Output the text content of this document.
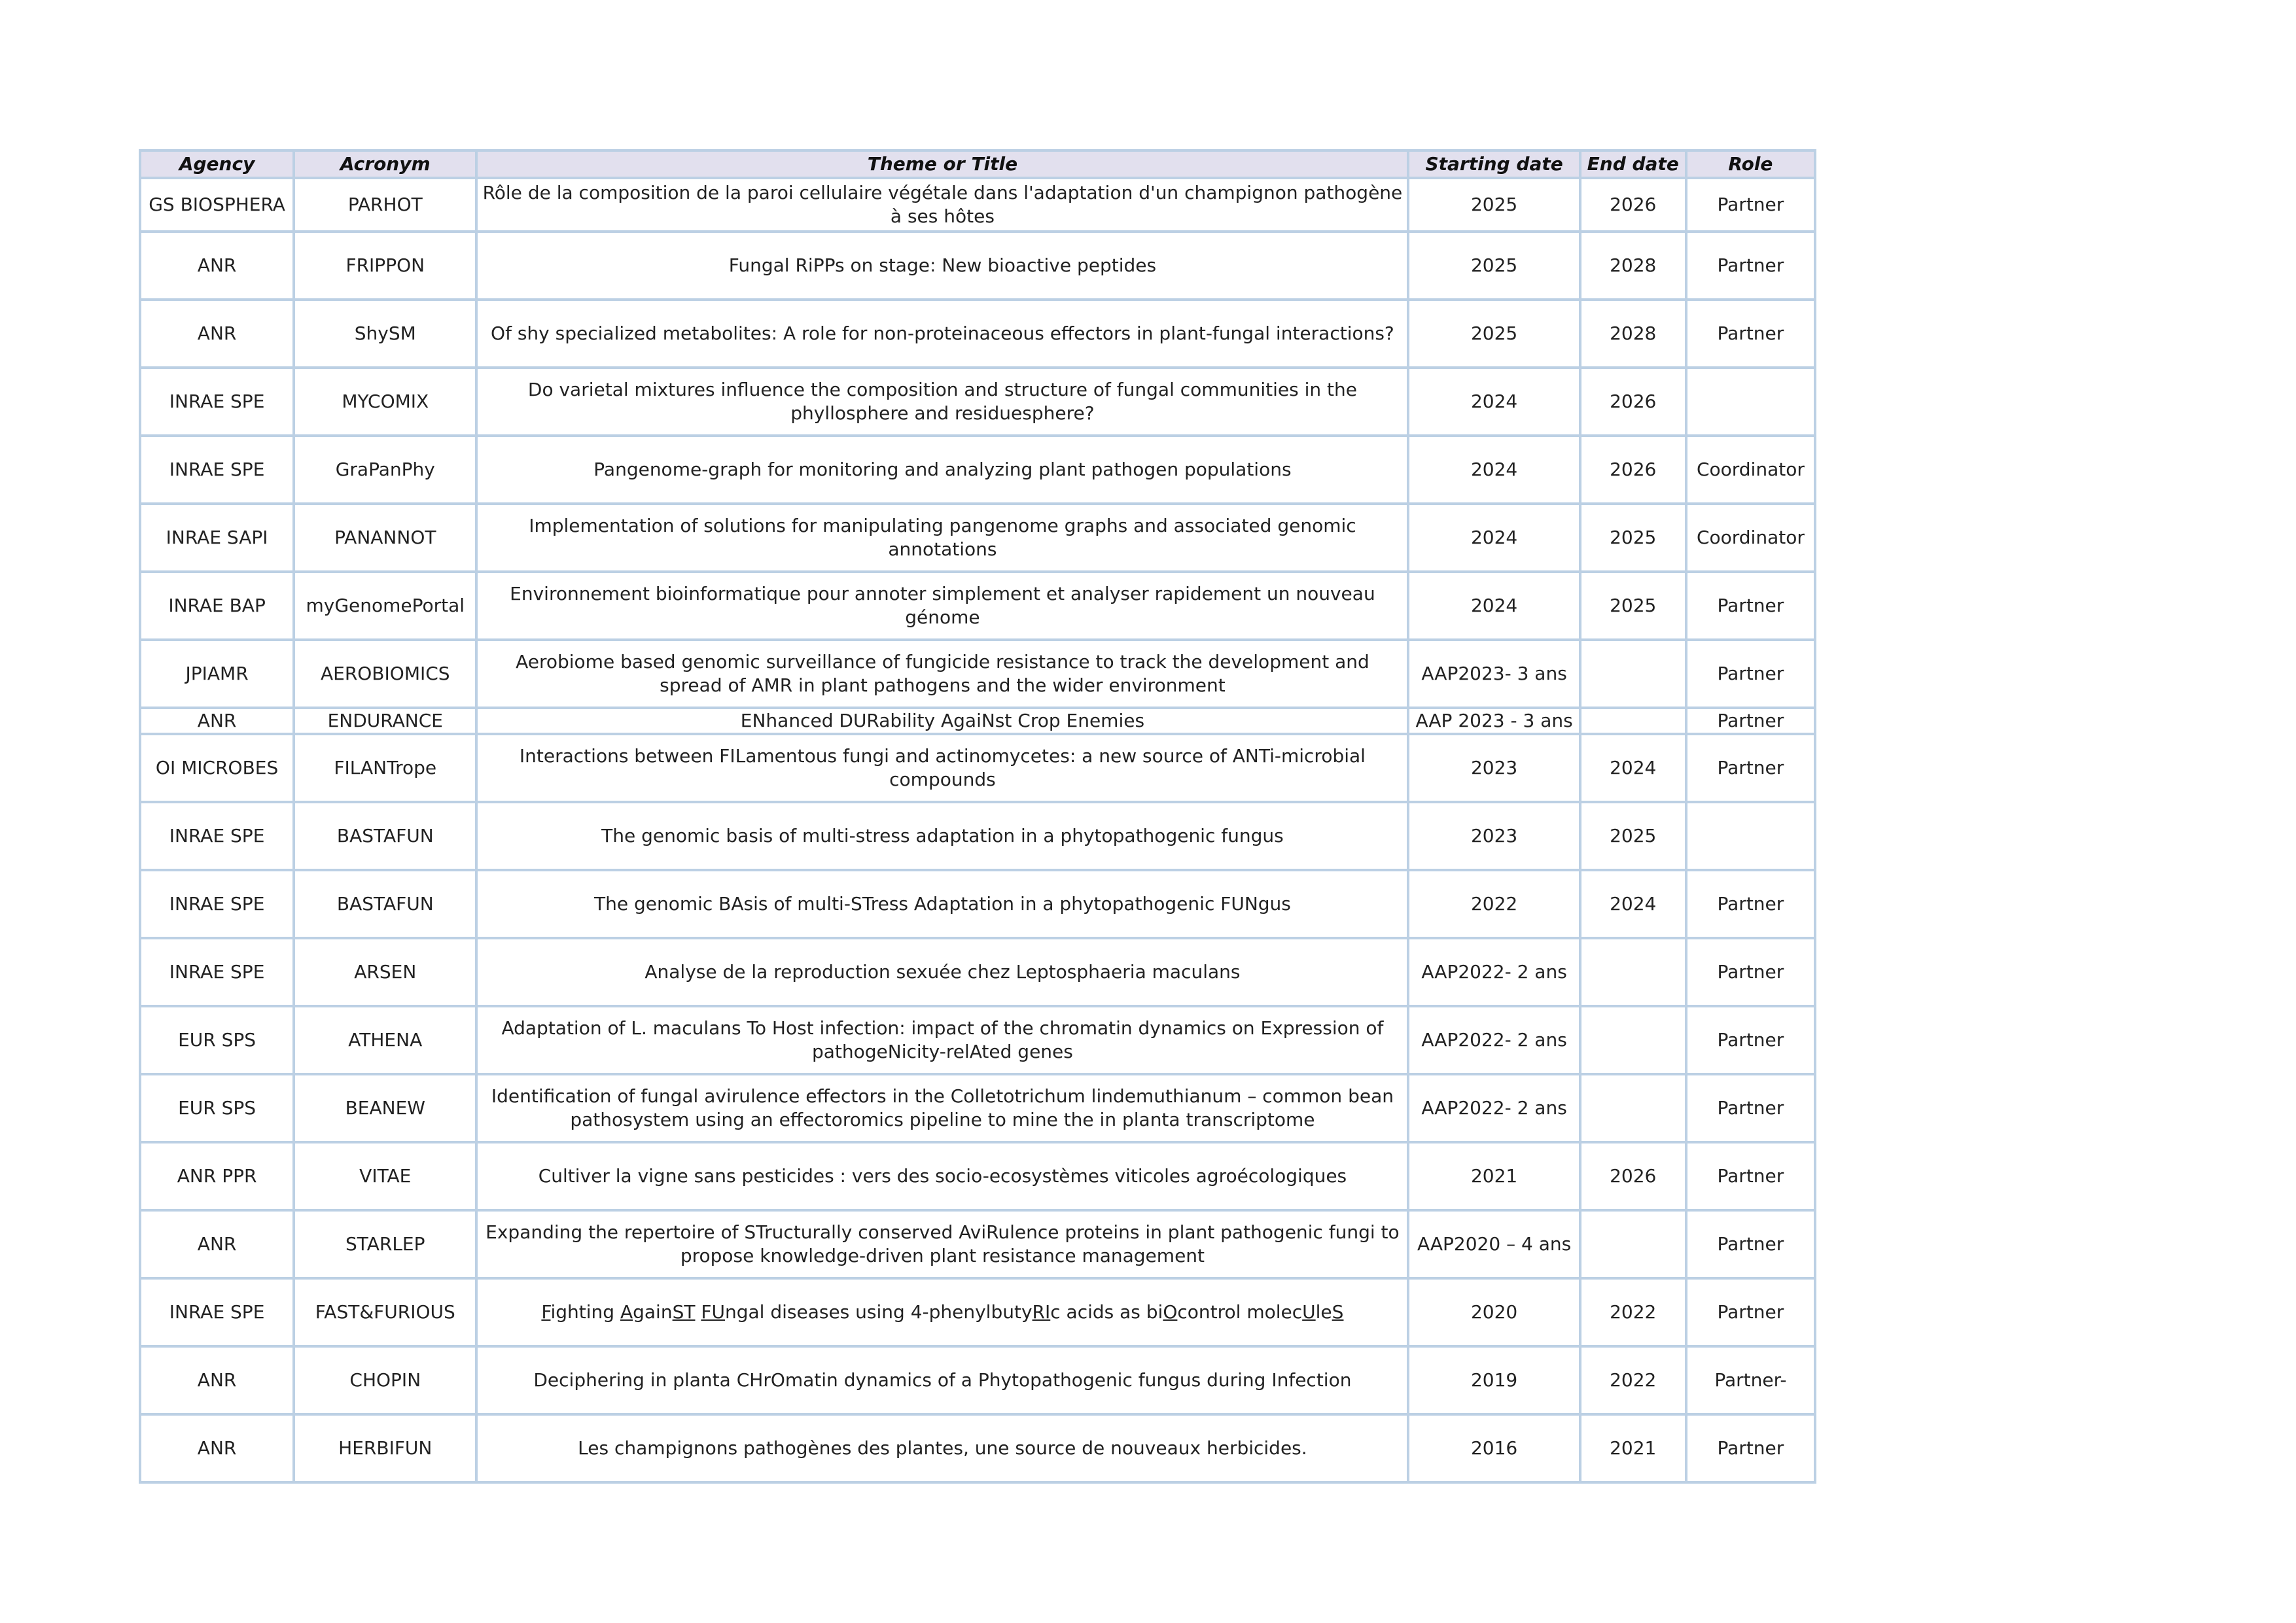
Agency	Acronym	Theme or Title	Starting date	End date	Role
GS BIOSPHERA	PARHOT	Rôle de la composition de la paroi cellulaire végétale dans l'adaptation d'un champignon pathogène à ses hôtes	2025	2026	Partner
ANR	FRIPPON	Fungal RiPPs on stage: New bioactive peptides	2025	2028	Partner
ANR	ShySM	Of shy specialized metabolites: A role for non-proteinaceous effectors in plant-fungal interactions?	2025	2028	Partner
INRAE SPE	MYCOMIX	Do varietal mixtures influence the composition and structure of fungal communities in the phyllosphere and residuesphere?	2024	2026	
INRAE SPE	GraPanPhy	Pangenome-graph for monitoring and analyzing plant pathogen populations	2024	2026	Coordinator
INRAE SAPI	PANANNOT	Implementation of solutions for manipulating pangenome graphs and associated genomic annotations	2024	2025	Coordinator
INRAE BAP	myGenomePortal	Environnement bioinformatique pour annoter simplement et analyser rapidement un nouveau génome	2024	2025	Partner
JPIAMR	AEROBIOMICS	Aerobiome based genomic surveillance of fungicide resistance to track the development and spread of AMR in plant pathogens and the wider environment	AAP2023- 3 ans		Partner
ANR	ENDURANCE	ENhanced DURability AgaiNst Crop Enemies	AAP 2023 - 3 ans		Partner
OI MICROBES	FILANTrope	Interactions between FILamentous fungi and actinomycetes: a new source of ANTi-microbial compounds	2023	2024	Partner
INRAE SPE	BASTAFUN	The genomic basis of multi-stress adaptation in a phytopathogenic fungus	2023	2025	
INRAE SPE	BASTAFUN	The genomic BAsis of multi-STress Adaptation in a phytopathogenic FUNgus	2022	2024	Partner
INRAE SPE	ARSEN	Analyse de la reproduction sexuée chez Leptosphaeria maculans	AAP2022- 2 ans		Partner
EUR SPS	ATHENA	Adaptation of L. maculans To Host infection: impact of the chromatin dynamics on Expression of pathogeNicity-relAted genes	AAP2022- 2 ans		Partner
EUR SPS	BEANEW	Identification of fungal avirulence effectors in the Colletotrichum lindemuthianum – common bean pathosystem using an effectoromics pipeline to mine the in planta transcriptome	AAP2022- 2 ans		Partner
ANR PPR	VITAE	Cultiver la vigne sans pesticides : vers des socio-ecosystèmes viticoles agroécologiques	2021	2026	Partner
ANR	STARLEP	Expanding the repertoire of STructurally conserved AviRulence proteins in plant pathogenic fungi to propose knowledge-driven plant resistance management	AAP2020 – 4 ans		Partner
INRAE SPE	FAST&FURIOUS	Fighting AgainST FUngal diseases using 4-phenylbutyRIc acids as biOcontrol molecUleS	2020	2022	Partner
ANR	CHOPIN	Deciphering in planta CHrOmatin dynamics of a Phytopathogenic fungus during Infection	2019	2022	Partner-
ANR	HERBIFUN	Les champignons pathogènes des plantes, une source de nouveaux herbicides.	2016	2021	Partner
